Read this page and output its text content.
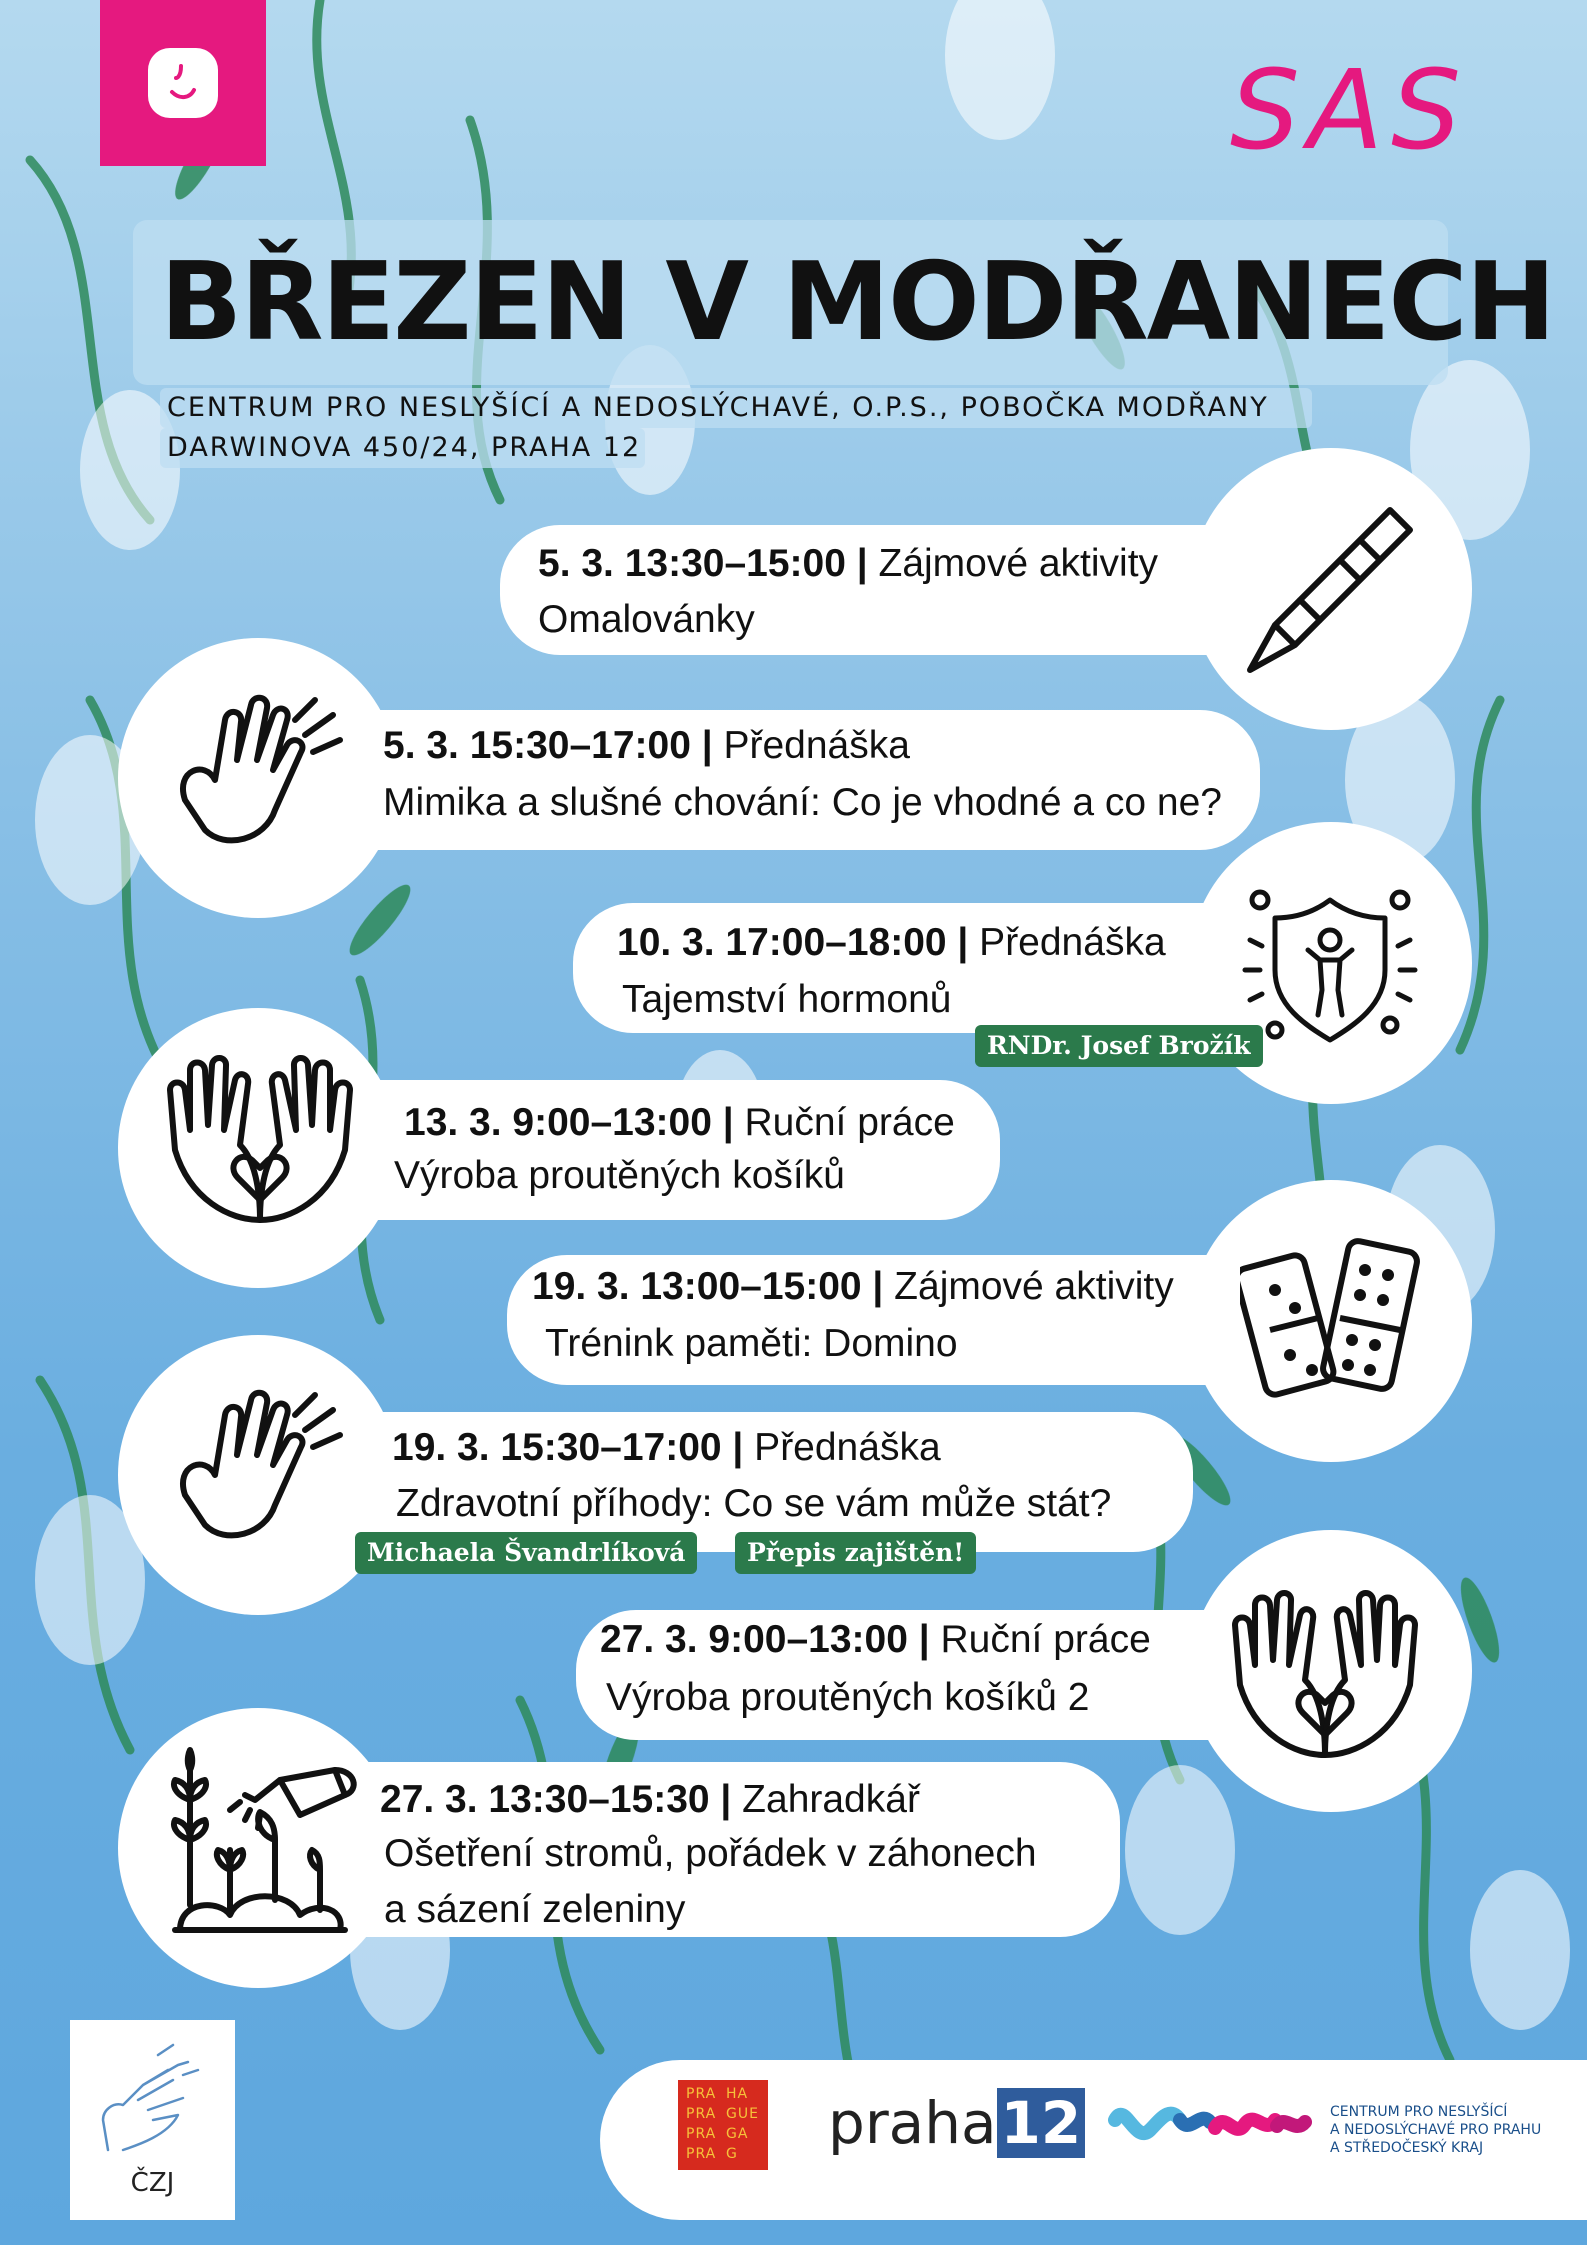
SAS
BŘEZEN V MODŘANECH
CENTRUM PRO NESLYŠÍCÍ A NEDOSLÝCHAVÉ, O.P.S., POBOČKA MODŘANY
DARWINOVA 450/24, PRAHA 12
5. 3. 13:30–15:00 | Zájmové aktivity
Omalovánky
5. 3. 15:30–17:00 | Přednáška
Mimika a slušné chování: Co je vhodné a co ne?
10. 3. 17:00–18:00 | Přednáška
Tajemství hormonů
RNDr. Josef Brožík
13. 3. 9:00–13:00 | Ruční práce
Výroba proutěných košíků
19. 3. 13:00–15:00 | Zájmové aktivity
Trénink paměti: Domino
19. 3. 15:30–17:00 | Přednáška
Zdravotní příhody: Co se vám může stát?
Michaela Švandrlíková	Přepis zajištěn!
27. 3. 9:00–13:00 | Ruční práce
Výroba proutěných košíků 2
27. 3. 13:30–15:30 | Zahradkář
Ošetření stromů, pořádek v záhonech
a sázení zeleniny
ČZJ
PRA HA
PRA GUE
PRA GA
PRA G praha12	CENTRUM PRO NESLYŠÍCÍ
A NEDOSLÝCHAVÉ PRO PRAHU
A STŘEDOČESKÝ KRAJ
